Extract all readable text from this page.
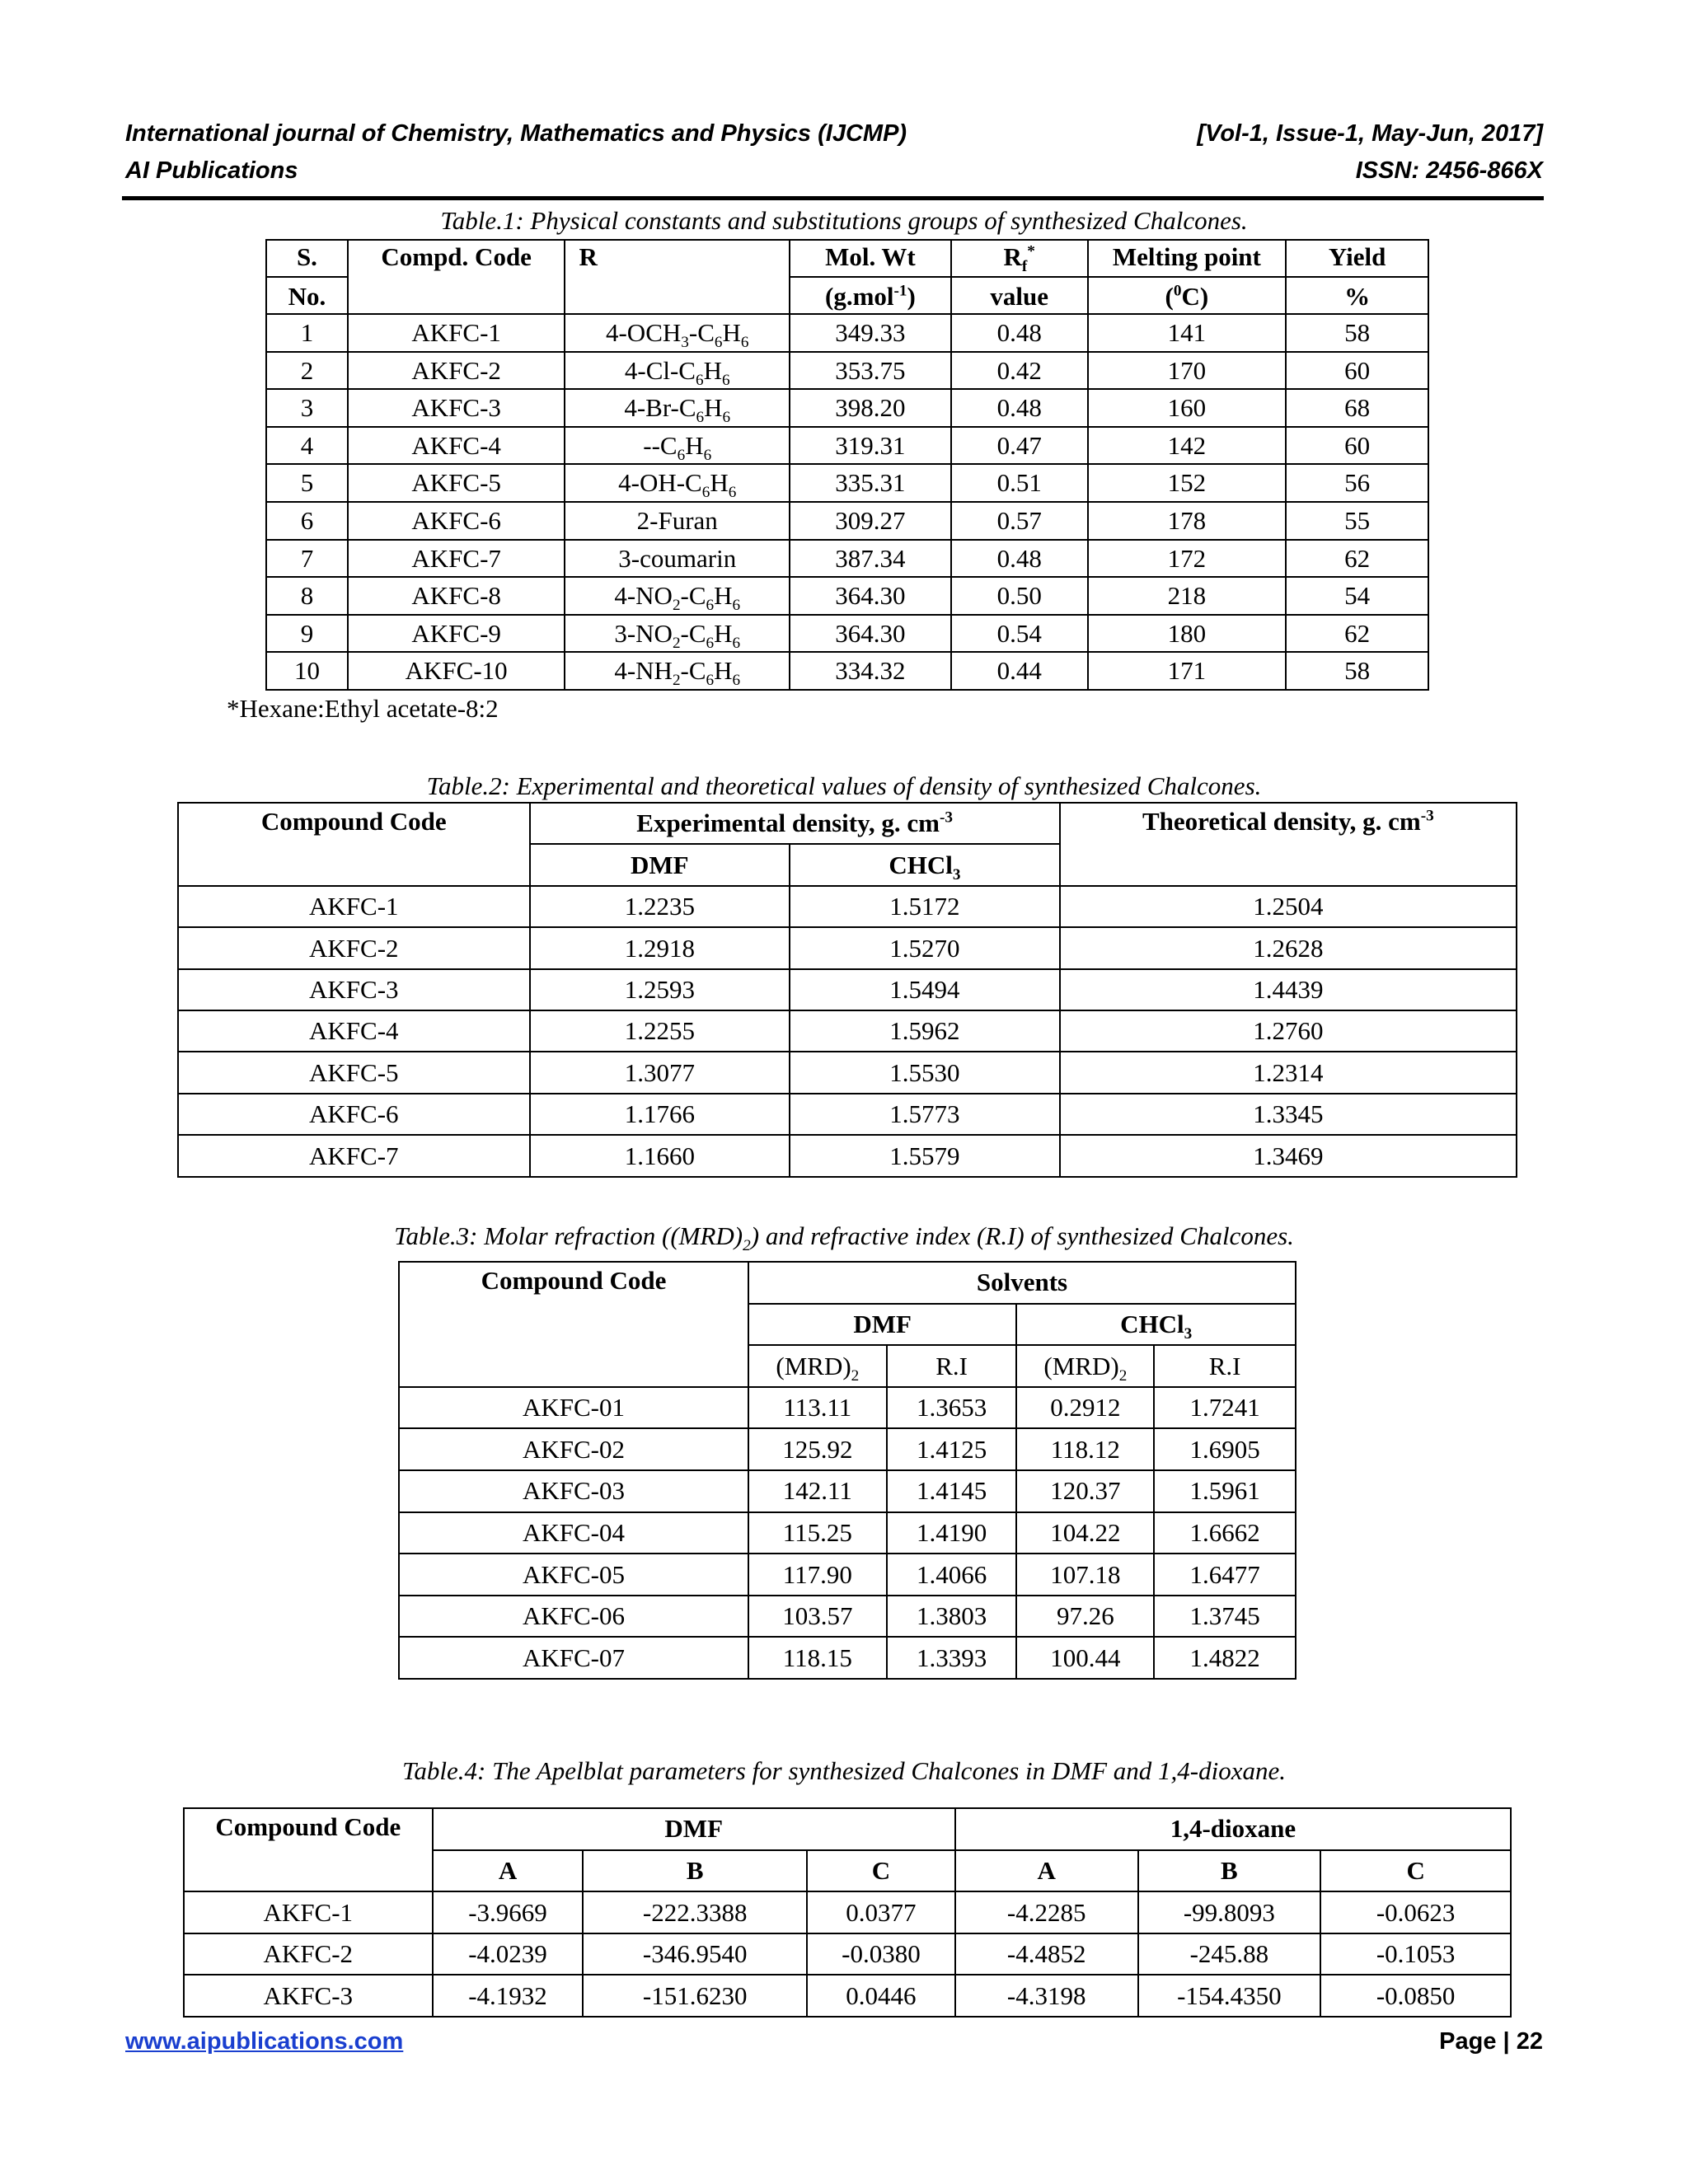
International journal of Chemistry, Mathematics and Physics (IJCMP)	[Vol-1, Issue-1, May-Jun, 2017]
AI Publications	ISSN: 2456-866X
Table.1: Physical constants and substitutions groups of synthesized Chalcones.
S.	Compd. Code	R	Mol. Wt	$R_f^*$	Melting point	Yield
No.			(g.mol$^{-1}$)	value	($^0$C)	%
1	AKFC-1	$4-OCH_3-C_6H_6$	349.33	0.48	141	58
2	AKFC-2	$4-Cl-C_6H_6$	353.75	0.42	170	60
3	AKFC-3	$4-Br-C_6H_6$	398.20	0.48	160	68
4	AKFC-4	$--C_6H_6$	319.31	0.47	142	60
5	AKFC-5	$4-OH-C_6H_6$	335.31	0.51	152	56
6	AKFC-6	2-Furan	309.27	0.57	178	55
7	AKFC-7	3-coumarin	387.34	0.48	172	62
8	AKFC-8	$4-NO_2-C_6H_6$	364.30	0.50	218	54
9	AKFC-9	$3-NO_2-C_6H_6$	364.30	0.54	180	62
10	AKFC-10	$4-NH_2-C_6H_6$	334.32	0.44	171	58
*Hexane:Ethyl acetate-8:2
Table.2: Experimental and theoretical values of density of synthesized Chalcones.
Compound Code	Experimental density, g. $cm^{-3}$		Theoretical density, g. $cm^{-3}$
	DMF	CHCl$_3$
AKFC-1	1.2235	1.5172	1.2504
AKFC-2	1.2918	1.5270	1.2628
AKFC-3	1.2593	1.5494	1.4439
AKFC-4	1.2255	1.5962	1.2760
AKFC-5	1.3077	1.5530	1.2314
AKFC-6	1.1766	1.5773	1.3345
AKFC-7	1.1660	1.5579	1.3469
Table.3: Molar refraction $((MRD)_2)$ and refractive index (R.I) of synthesized Chalcones.
Compound Code	Solvents			
	DMF		CHCl$_3$
	$(MRD)_2$	R.I	$(MRD)_2$	R.I
AKFC-01	113.11	1.3653	0.2912	1.7241
AKFC-02	125.92	1.4125	118.12	1.6905
AKFC-03	142.11	1.4145	120.37	1.5961
AKFC-04	115.25	1.4190	104.22	1.6662
AKFC-05	117.90	1.4066	107.18	1.6477
AKFC-06	103.57	1.3803	97.26	1.3745
AKFC-07	118.15	1.3393	100.44	1.4822
Table.4: The Apelblat parameters for synthesized Chalcones in DMF and 1,4-dioxane.
Compound Code	DMF			1,4-dioxane		
	A	B	C	A	B	C
AKFC-1	-3.9669	-222.3388	0.0377	-4.2285	-99.8093	-0.0623
AKFC-2	-4.0239	-346.9540	-0.0380	-4.4852	-245.88	-0.1053
AKFC-3	-4.1932	-151.6230	0.0446	-4.3198	-154.4350	-0.0850
www.aipublications.com	Page | 22
